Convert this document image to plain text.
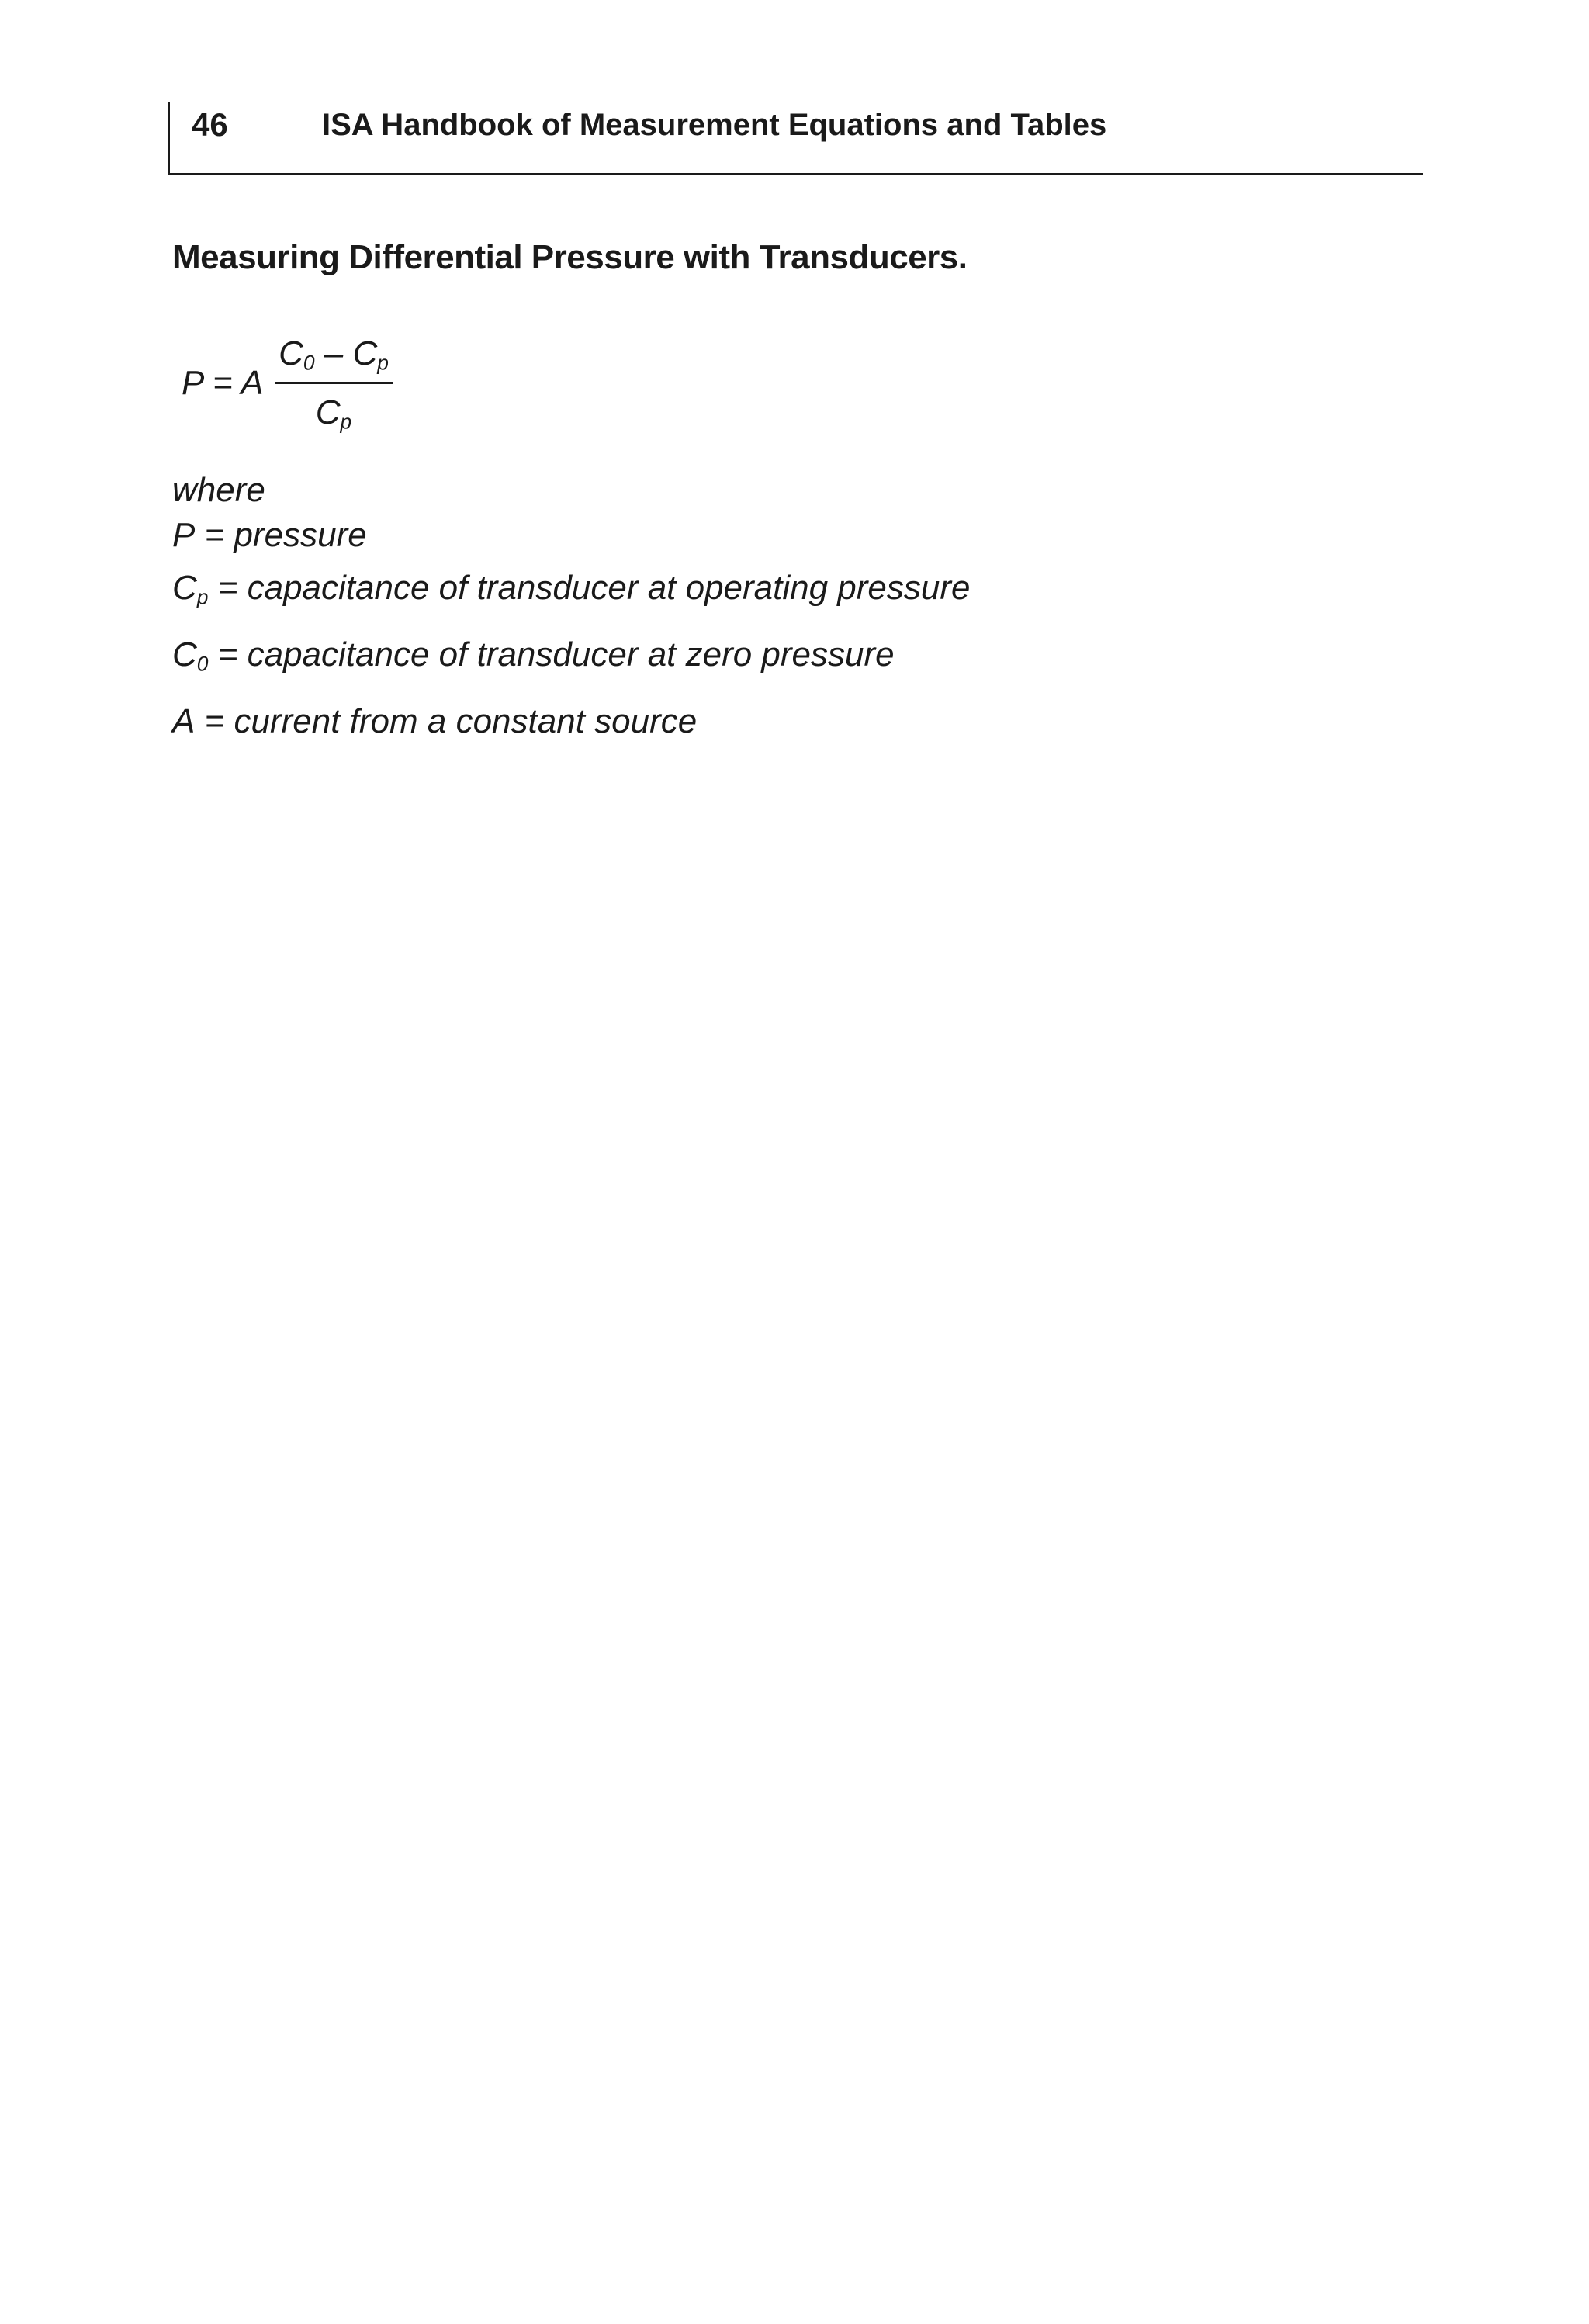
46	ISA Handbook of Measurement Equations and Tables
Measuring Differential Pressure with Transducers.
P = A
$C_0 - C_p$
$C_p$
where
P = pressure
$C_p$ = capacitance of transducer at operating pressure
$C_0$ = capacitance of transducer at zero pressure
A = current from a constant source
